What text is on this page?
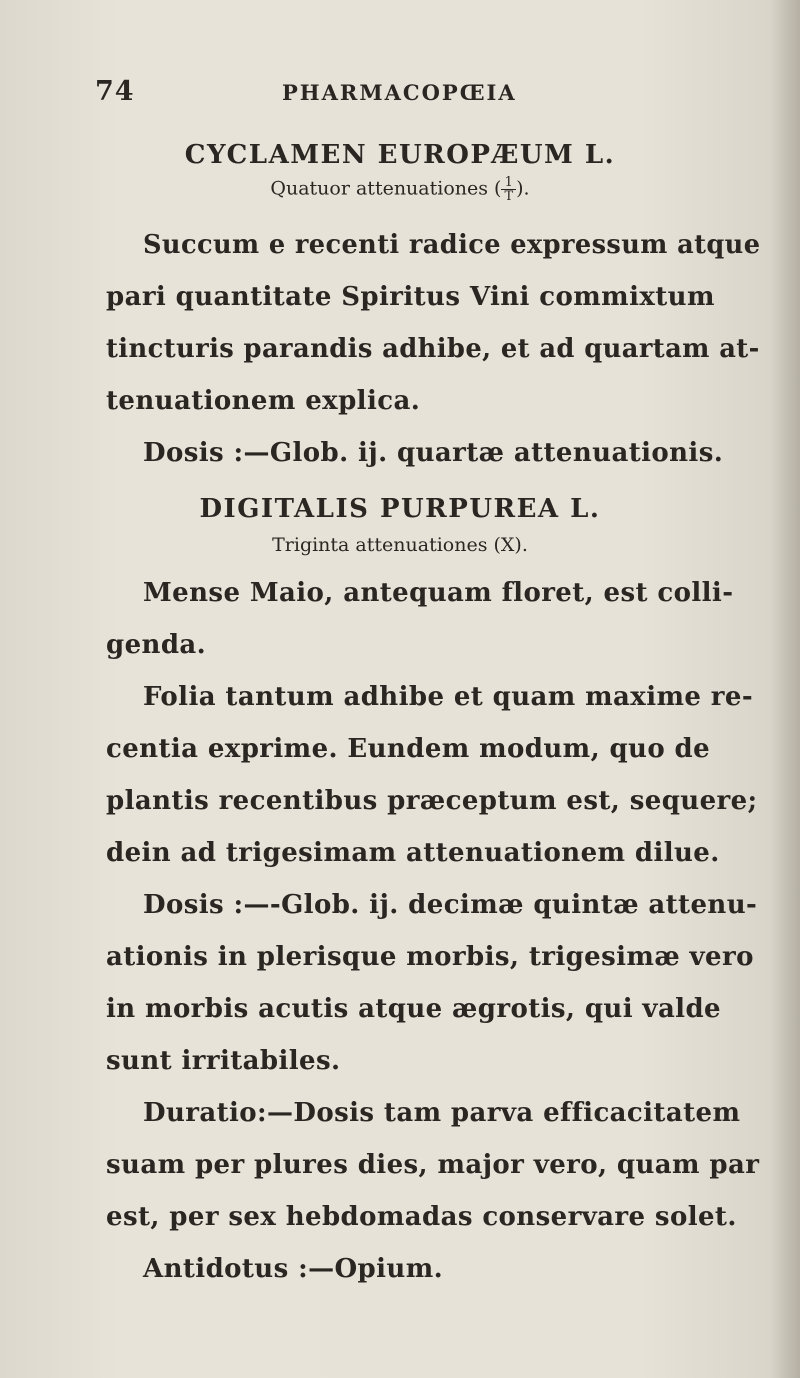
74	PHARMACOPŒIA
CYCLAMEN EUROPÆUM L.
Quatuor attenuationes ( $\frac{1}{T}$ ).
Succum e recenti radice expressum atque
pari quantitate Spiritus Vini commixtum
tincturis parandis adhibe, et ad quartam at-
tenuationem explica.
Dosis :—Glob. ij. quartæ attenuationis.
DIGITALIS PURPUREA L.
Triginta attenuationes (X).
Mense Maio, antequam floret, est colli-
genda.
Folia tantum adhibe et quam maxime re-
centia exprime. Eundem modum, quo de
plantis recentibus præceptum est, sequere;
dein ad trigesimam attenuationem dilue.
Dosis :—-Glob. ij. decimæ quintæ attenu-
ationis in plerisque morbis, trigesimæ vero
in morbis acutis atque ægrotis, qui valde
sunt irritabiles.
Duratio:—Dosis tam parva efficacitatem
suam per plures dies, major vero, quam par
est, per sex hebdomadas conservare solet.
Antidotus :—Opium.
